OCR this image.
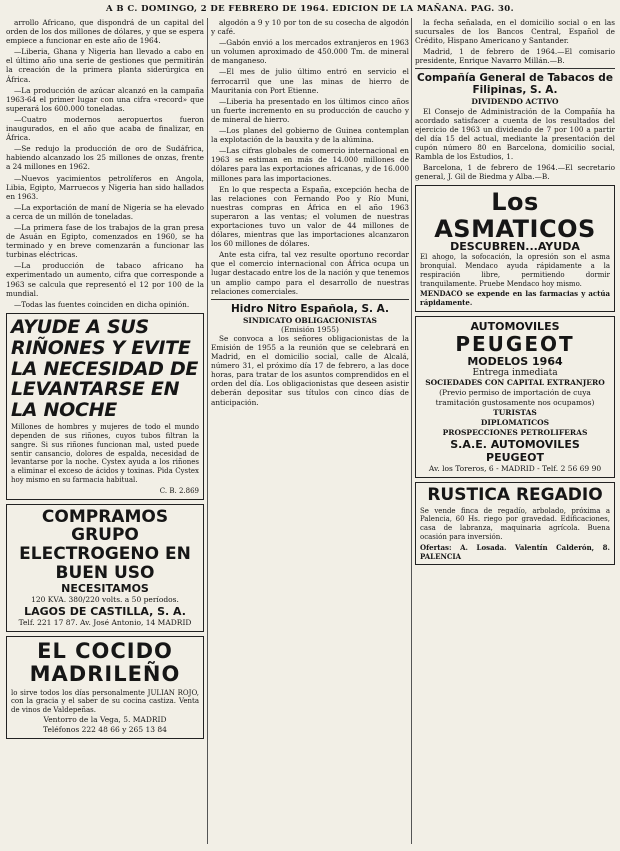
A B C. DOMINGO, 2 DE FEBRERO DE 1964. EDICION DE LA MAÑANA. PAG. 30.

arrollo Africano, que dispondrá de un capital del orden de los dos millones de dólares, y que se espera empiece a funcionar en este año de 1964.

—Liberia, Ghana y Nigeria han llevado a cabo en el último año una serie de gestiones que permitirán la creación de la primera planta siderúrgica en África.

—La producción de azúcar alcanzó en la campaña 1963-64 el primer lugar con una cifra «record» que superará los 600.000 toneladas.

—Cuatro modernos aeropuertos fueron inaugurados, en el año que acaba de finalizar, en África.

—Se redujo la producción de oro de Sudáfrica, habiendo alcanzado los 25 millones de onzas, frente a 24 millones en 1962.

—Nuevos yacimientos petrolíferos en Angola, Libia, Egipto, Marruecos y Nigeria han sido hallados en 1963.

—La exportación de maní de Nigeria se ha elevado a cerca de un millón de toneladas.

—La primera fase de los trabajos de la gran presa de Asuán en Egipto, comenzados en 1960, se ha terminado y en breve comenzarán a funcionar las turbinas eléctricas.

—La producción de tabaco africano ha experimentado un aumento, cifra que corresponde a 1963 se calcula que representó el 12 por 100 de la mundial.

—Todas las fuentes coinciden en dicha opinión.

AYUDE A SUS RIÑONES Y EVITE LA NECESIDAD DE LEVANTARSE EN LA NOCHE
Millones de hombres y mujeres de todo el mundo dependen de sus riñones, cuyos tubos filtran la sangre. Si sus riñones funcionan mal, usted puede sentir cansancio, dolores de espalda, necesidad de levantarse por la noche. Cystex ayuda a los riñones a eliminar el exceso de ácidos y toxinas. Pida Cystex hoy mismo en su farmacia habitual.
C. B. 2.869
COMPRAMOS GRUPO ELECTROGENO EN BUEN USO
NECESITAMOS
120 KVA. 380/220 volts. a 50 períodos.
LAGOS DE CASTILLA, S. A.
Telf. 221 17 87. Av. José Antonio, 14 MADRID
EL COCIDO MADRILEÑO
lo sirve todos los días personalmente JULIAN ROJO, con la gracia y el saber de su cocina castiza. Venta de vinos de Valdepeñas.
Ventorro de la Vega, 5. MADRID
Teléfonos 222 48 66 y 265 13 84

algodón a 9 y 10 por ton de su cosecha de algodón y café.

—Gabón envió a los mercados extranjeros en 1963 un volumen aproximado de 450.000 Tm. de mineral de manganeso.

—El mes de julio último entró en servicio el ferrocarril que une las minas de hierro de Mauritania con Port Etienne.

—Liberia ha presentado en los últimos cinco años un fuerte incremento en su producción de caucho y de mineral de hierro.

—Los planes del gobierno de Guinea contemplan la explotación de la bauxita y de la alúmina.

—Las cifras globales de comercio internacional en 1963 se estiman en más de 14.000 millones de dólares para las exportaciones africanas, y de 16.000 millones para las importaciones.

En lo que respecta a España, excepción hecha de las relaciones con Fernando Poo y Río Muni, nuestras compras en África en el año 1963 superaron a las ventas; el volumen de nuestras exportaciones tuvo un valor de 44 millones de dólares, mientras que las importaciones alcanzaron los 60 millones de dólares.

Ante esta cifra, tal vez resulte oportuno recordar que el comercio internacional con África ocupa un lugar destacado entre los de la nación y que tenemos un amplio campo para el desarrollo de nuestras relaciones comerciales.

Hidro Nitro Española, S. A.
SINDICATO OBLIGACIONISTAS
(Emisión 1955)

Se convoca a los señores obligacionistas de la Emisión de 1955 a la reunión que se celebrará en Madrid, en el domicilio social, calle de Alcalá, número 31, el próximo día 17 de febrero, a las doce horas, para tratar de los asuntos comprendidos en el orden del día. Los obligacionistas que deseen asistir deberán depositar sus títulos con cinco días de anticipación.

la fecha señalada, en el domicilio social o en las sucursales de los Bancos Central, Español de Crédito, Hispano Americano y Santander.

Madrid, 1 de febrero de 1964.—El comisario presidente, Enrique Navarro Millán.—B.

Compañía General de Tabacos de Filipinas, S. A.
DIVIDENDO ACTIVO

El Consejo de Administración de la Compañía ha acordado satisfacer a cuenta de los resultados del ejercicio de 1963 un dividendo de 7 por 100 a partir del día 15 del actual, mediante la presentación del cupón número 80 en Barcelona, domicilio social, Rambla de los Estudios, 1.

Barcelona, 1 de febrero de 1964.—El secretario general, J. Gil de Biedma y Alba.—B.

Los ASMATICOS
DESCUBREN...AYUDA
El ahogo, la sofocación, la opresión son el asma bronquial. Mendaco ayuda rápidamente a la respiración libre, permitiendo dormir tranquilamente. Pruebe Mendaco hoy mismo.
MENDACO se expende en las farmacias y actúa rápidamente.
AUTOMOVILES
PEUGEOT
MODELOS 1964
Entrega inmediata
SOCIEDADES CON CAPITAL EXTRANJERO
(Previo permiso de importación de cuya tramitación gustosamente nos ocupamos)
TURISTAS
DIPLOMATICOS
PROSPECCIONES PETROLIFERAS
S.A.E. AUTOMOVILES PEUGEOT
Av. los Toreros, 6 - MADRID - Telf. 2 56 69 90
RUSTICA REGADIO
Se vende finca de regadío, arbolado, próxima a Palencia, 60 Hs. riego por gravedad. Edificaciones, casa de labranza, maquinaria agrícola. Buena ocasión para inversión.
Ofertas: A. Losada. Valentín Calderón, 8. PALENCIA
